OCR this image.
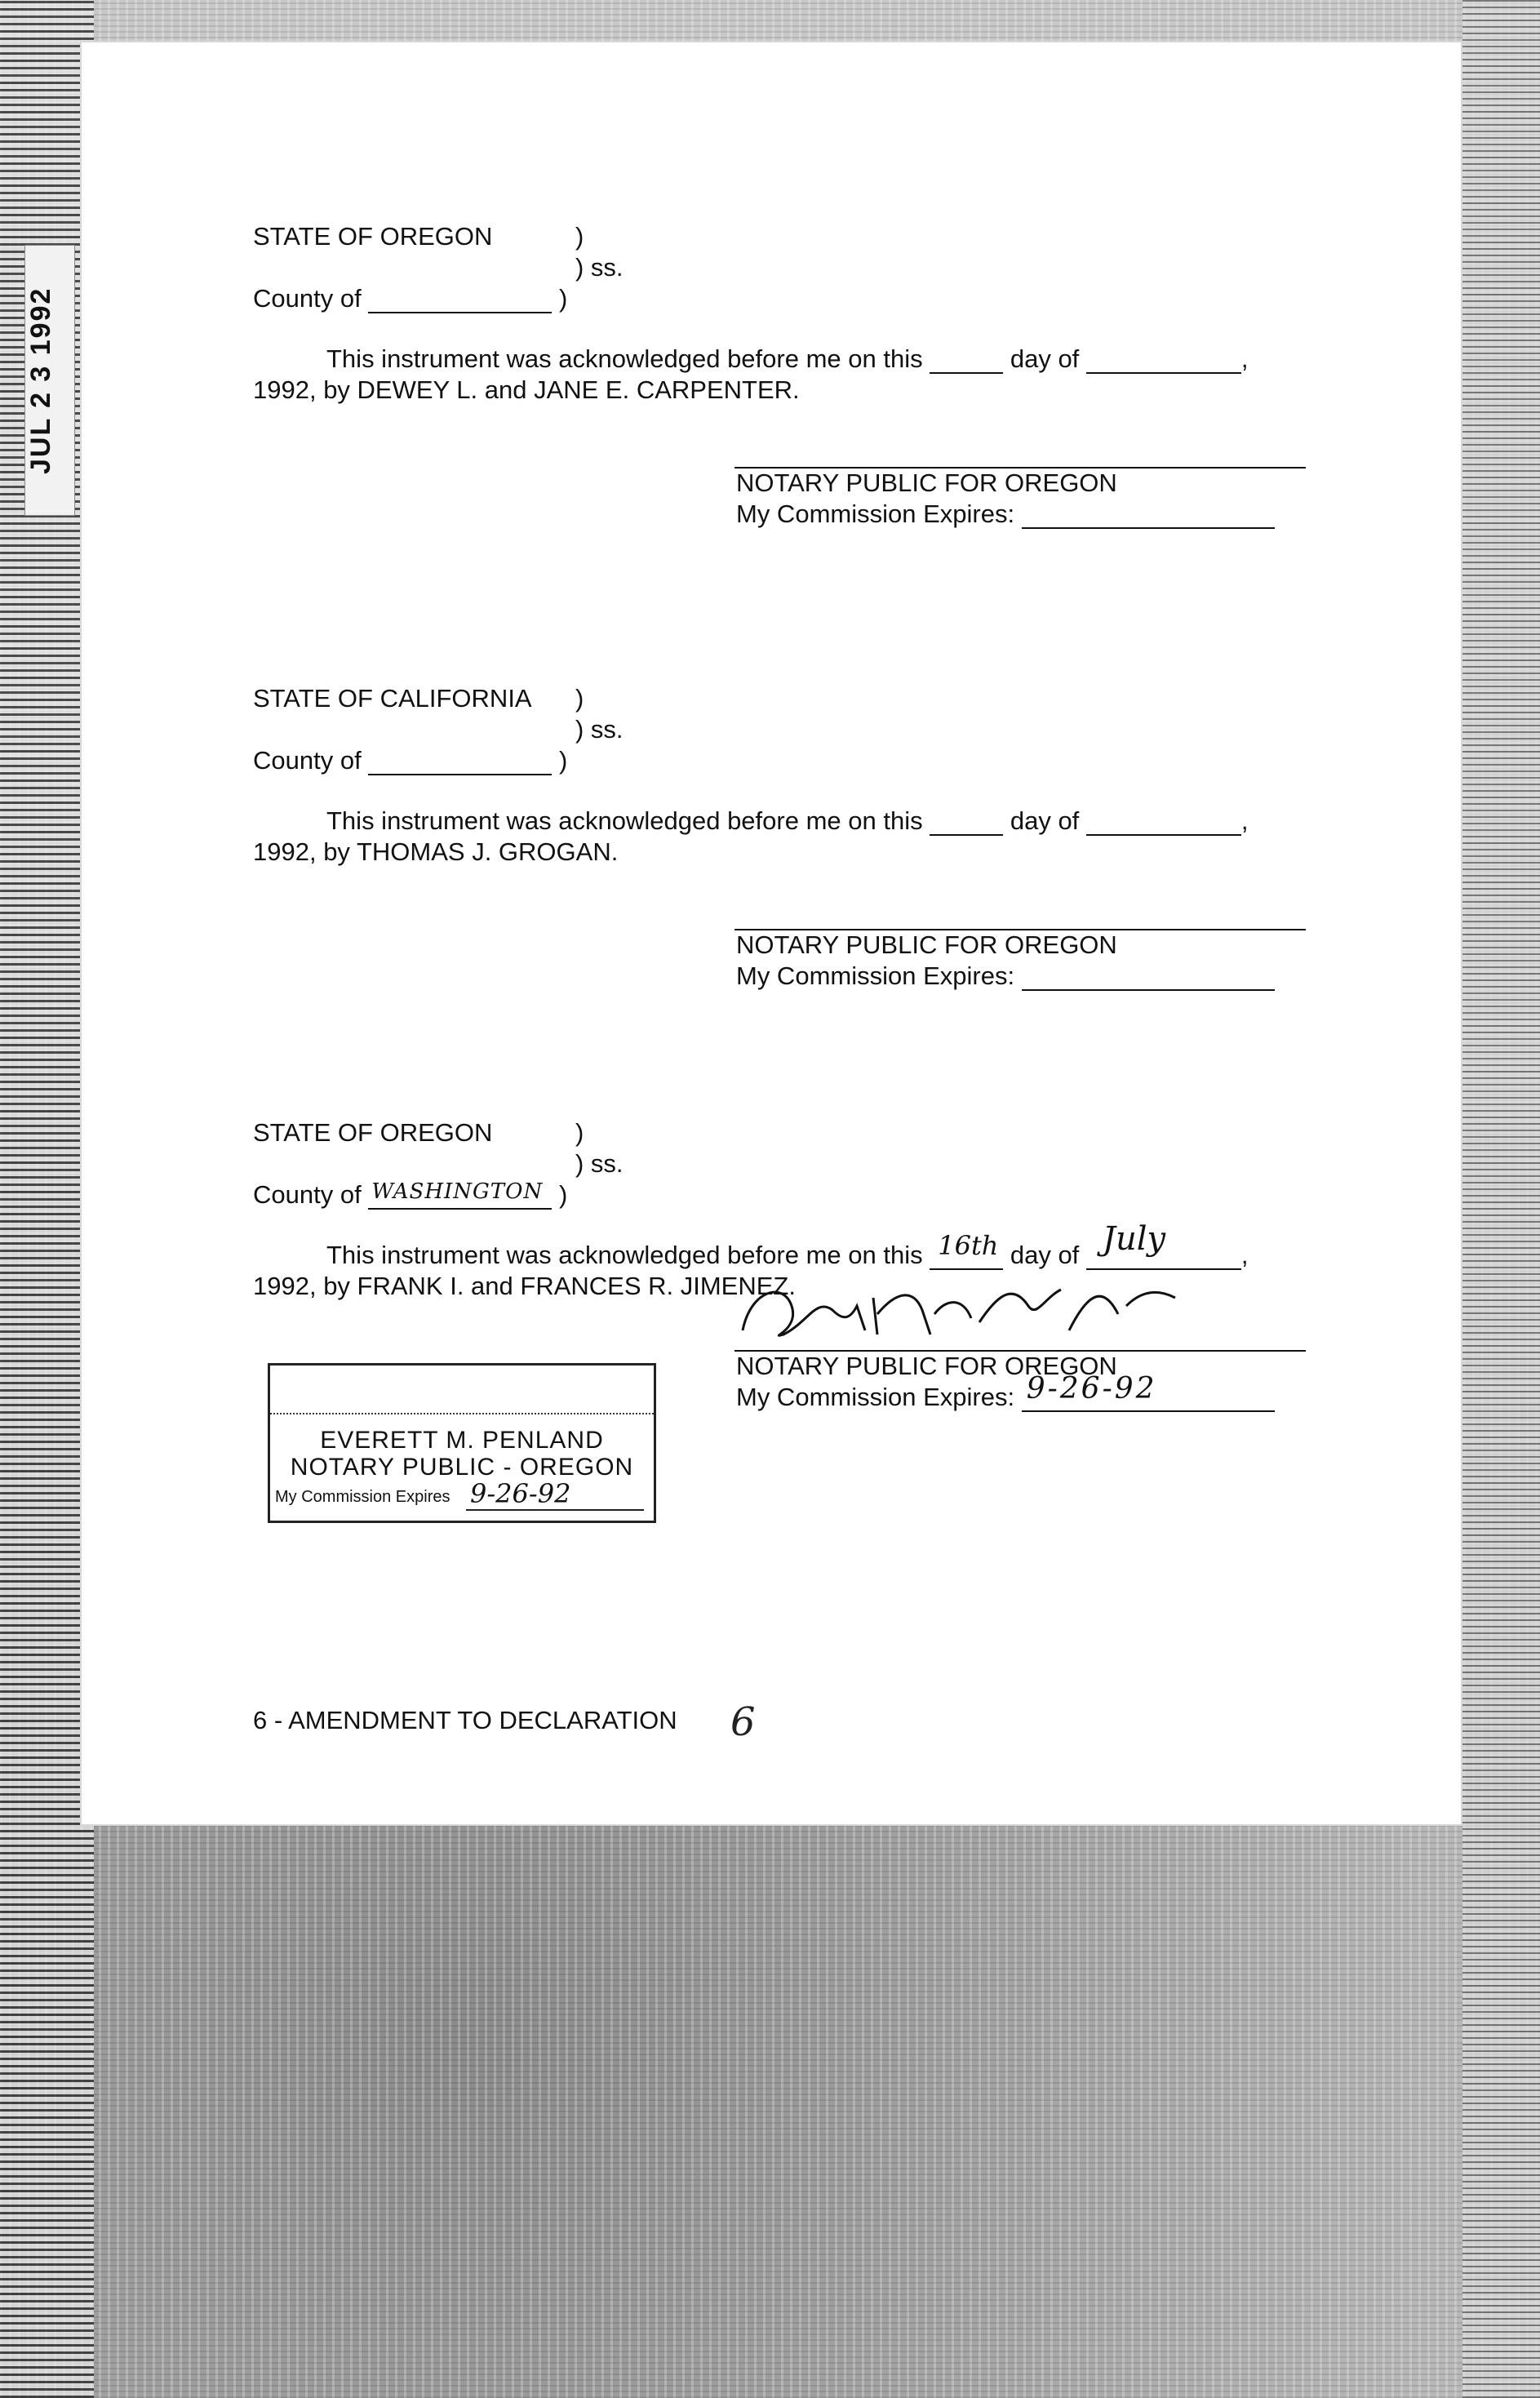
JUL 2 3 1992
STATE OF OREGON	)
) ss.
County of	)
This instrument was acknowledged before me on this	day of	,
1992, by DEWEY L. and JANE E. CARPENTER.
NOTARY PUBLIC FOR OREGON
My Commission Expires:
STATE OF CALIFORNIA )
) ss.
County of	)
This instrument was acknowledged before me on this	day of	,
1992, by THOMAS J. GROGAN.
NOTARY PUBLIC FOR OREGON
My Commission Expires:
STATE OF OREGON	)
) ss.
County of WASHINGTON )
This instrument was acknowledged before me on this 16th day of July	,
1992, by FRANK I. and FRANCES R. JIMENEZ.
NOTARY PUBLIC FOR OREGON
My Commission Expires: 9-26-92
EVERETT M. PENLAND
NOTARY PUBLIC - OREGON
My Commission Expires 9-26-92
6 - AMENDMENT TO DECLARATION 6
